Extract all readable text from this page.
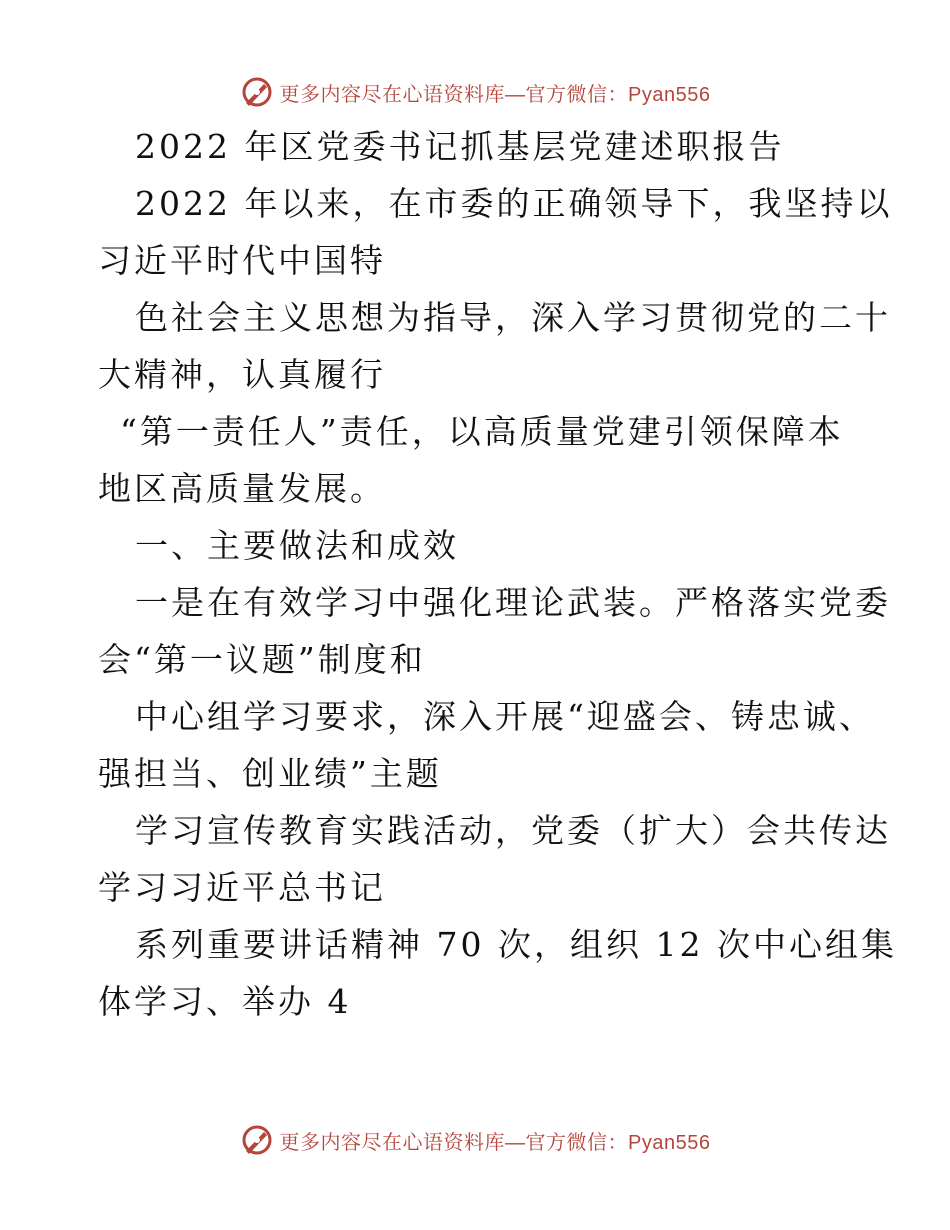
更多内容尽在心语资料库—官方微信：Pyan556
2022 年区党委书记抓基层党建述职报告
2022 年以来，在市委的正确领导下，我坚持以
习近平时代中国特
色社会主义思想为指导，深入学习贯彻党的二十
大精神，认真履行
“第一责任人”责任，以高质量党建引领保障本
地区高质量发展。
一、主要做法和成效
一是在有效学习中强化理论武装。严格落实党委
会“第一议题”制度和
中心组学习要求，深入开展“迎盛会、铸忠诚、
强担当、创业绩”主题
学习宣传教育实践活动，党委（扩大）会共传达
学习习近平总书记
系列重要讲话精神 70 次，组织 12 次中心组集
体学习、举办 4
更多内容尽在心语资料库—官方微信：Pyan556
